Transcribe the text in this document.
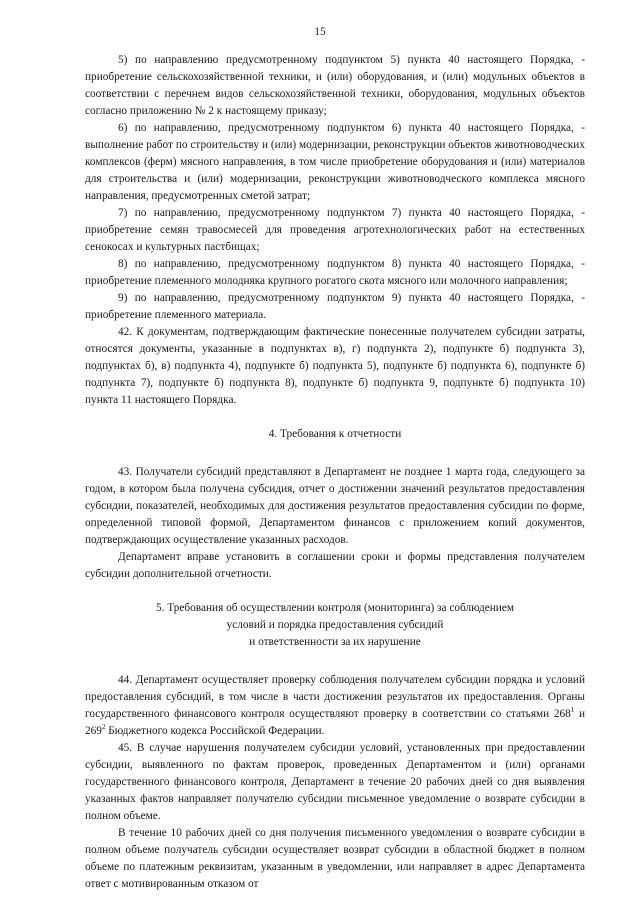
15

5) по направлению предусмотренному подпунктом 5) пункта 40 настоящего Порядка, - приобретение сельскохозяйственной техники, и (или) оборудования, и (или) модульных объектов в соответствии с перечнем видов сельскохозяйственной техники, оборудования, модульных объектов согласно приложению № 2 к настоящему приказу;

6) по направлению, предусмотренному подпунктом 6) пункта 40 настоящего Порядка, - выполнение работ по строительству и (или) модернизации, реконструкции объектов животноводческих комплексов (ферм) мясного направления, в том числе приобретение оборудования и (или) материалов для строительства и (или) модернизации, реконструкции животноводческого комплекса мясного направления, предусмотренных сметой затрат;

7) по направлению, предусмотренному подпунктом 7) пункта 40 настоящего Порядка, - приобретение семян травосмесей для проведения агротехнологических работ на естественных сенокосах и культурных пастбищах;

8) по направлению, предусмотренному подпунктом 8) пункта 40 настоящего Порядка, - приобретение племенного молодняка крупного рогатого скота мясного или молочного направления;

9) по направлению, предусмотренному подпунктом 9) пункта 40 настоящего Порядка, - приобретение племенного материала.

42. К документам, подтверждающим фактические понесенные получателем субсидии затраты, относятся документы, указанные в подпунктах в), г) подпункта 2), подпункте б) подпункта 3), подпунктах б), в) подпункта 4), подпункте б) подпункта 5), подпункте б) подпункта 6), подпункте б) подпункта 7), подпункте б) подпункта 8), подпункте б) подпункта 9, подпункте б) подпункта 10) пункта 11 настоящего Порядка.

4. Требования к отчетности

43. Получатели субсидий представляют в Департамент не позднее 1 марта года, следующего за годом, в котором была получена субсидия, отчет о достижении значений результатов предоставления субсидии, показателей, необходимых для достижения результатов предоставления субсидии по форме, определенной типовой формой, Департаментом финансов с приложением копий документов, подтверждающих осуществление указанных расходов.

Департамент вправе установить в соглашении сроки и формы представления получателем субсидии дополнительной отчетности.

5. Требования об осуществлении контроля (мониторинга) за соблюдением

условий и порядка предоставления субсидий

и ответственности за их нарушение

44. Департамент осуществляет проверку соблюдения получателем субсидии порядка и условий предоставления субсидий, в том числе в части достижения результатов их предоставления. Органы государственного финансового контроля осуществляют проверку в соответствии со статьями $268^1$ и $269^2$ Бюджетного кодекса Российской Федерации.

45. В случае нарушения получателем субсидии условий, установленных при предоставлении субсидии, выявленного по фактам проверок, проведенных Департаментом и (или) органами государственного финансового контроля, Департамент в течение 20 рабочих дней со дня выявления указанных фактов направляет получателю субсидии письменное уведомление о возврате субсидии в полном объеме.

В течение 10 рабочих дней со дня получения письменного уведомления о возврате субсидии в полном объеме получатель субсидии осуществляет возврат субсидии в областной бюджет в полном объеме по платежным реквизитам, указанным в уведомлении, или направляет в адрес Департамента ответ с мотивированным отказом от
